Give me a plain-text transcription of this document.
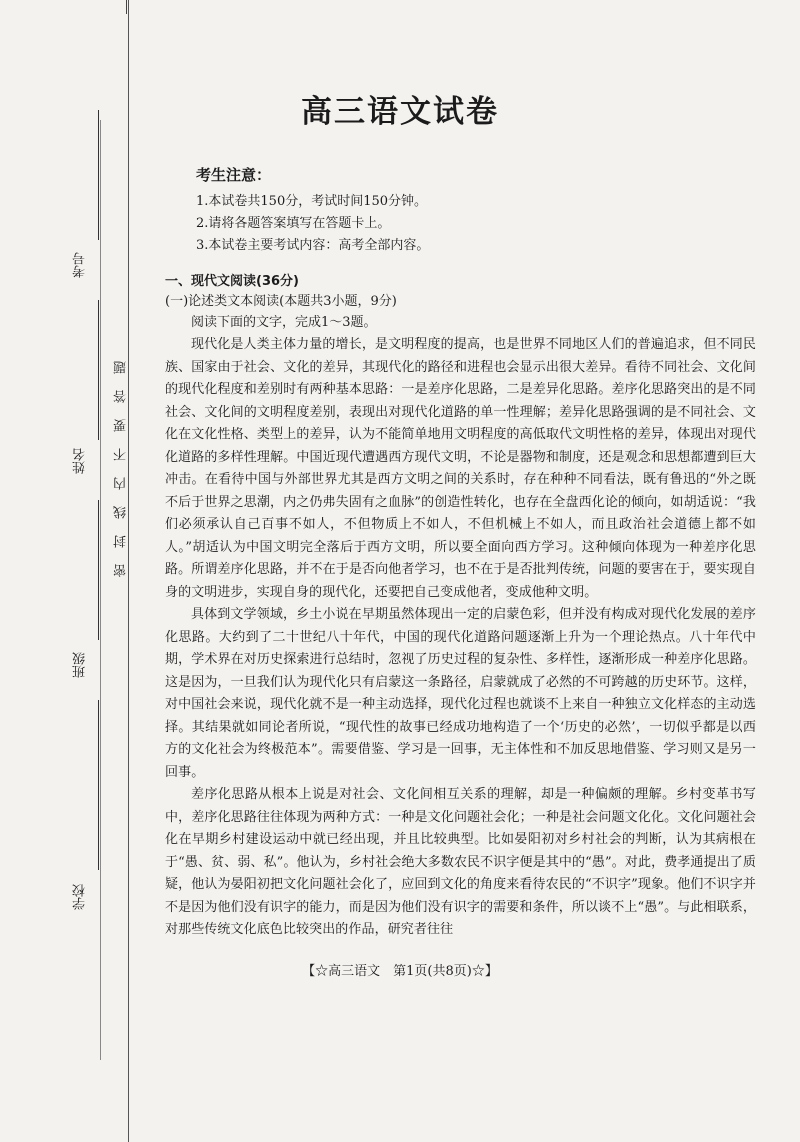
考号
姓名
班级
学校
密封线内不要答题
高三语文试卷
考生注意：
1.本试卷共150分，考试时间150分钟。
2.请将各题答案填写在答题卡上。
3.本试卷主要考试内容：高考全部内容。
一、现代文阅读(36分)
(一)论述类文本阅读(本题共3小题，9分)
阅读下面的文字，完成1～3题。

现代化是人类主体力量的增长，是文明程度的提高，也是世界不同地区人们的普遍追求，但不同民族、国家由于社会、文化的差异，其现代化的路径和进程也会显示出很大差异。看待不同社会、文化间的现代化程度和差别时有两种基本思路：一是差序化思路，二是差异化思路。差序化思路突出的是不同社会、文化间的文明程度差别，表现出对现代化道路的单一性理解；差异化思路强调的是不同社会、文化在文化性格、类型上的差异，认为不能简单地用文明程度的高低取代文明性格的差异，体现出对现代化道路的多样性理解。中国近现代遭遇西方现代文明，不论是器物和制度，还是观念和思想都遭到巨大冲击。在看待中国与外部世界尤其是西方文明之间的关系时，存在种种不同看法，既有鲁迅的“外之既不后于世界之思潮，内之仍弗失固有之血脉”的创造性转化，也存在全盘西化论的倾向，如胡适说：“我们必须承认自己百事不如人，不但物质上不如人，不但机械上不如人，而且政治社会道德上都不如人。”胡适认为中国文明完全落后于西方文明，所以要全面向西方学习。这种倾向体现为一种差序化思路。所谓差序化思路，并不在于是否向他者学习，也不在于是否批判传统，问题的要害在于，要实现自身的文明进步，实现自身的现代化，还要把自己变成他者，变成他种文明。

具体到文学领域，乡土小说在早期虽然体现出一定的启蒙色彩，但并没有构成对现代化发展的差序化思路。大约到了二十世纪八十年代，中国的现代化道路问题逐渐上升为一个理论热点。八十年代中期，学术界在对历史探索进行总结时，忽视了历史过程的复杂性、多样性，逐渐形成一种差序化思路。这是因为，一旦我们认为现代化只有启蒙这一条路径，启蒙就成了必然的不可跨越的历史环节。这样，对中国社会来说，现代化就不是一种主动选择，现代化过程也就谈不上来自一种独立文化样态的主动选择。其结果就如同论者所说，“现代性的故事已经成功地构造了一个‘历史的必然’，一切似乎都是以西方的文化社会为终极范本”。需要借鉴、学习是一回事，无主体性和不加反思地借鉴、学习则又是另一回事。

差序化思路从根本上说是对社会、文化间相互关系的理解，却是一种偏颇的理解。乡村变革书写中，差序化思路往往体现为两种方式：一种是文化问题社会化；一种是社会问题文化化。文化问题社会化在早期乡村建设运动中就已经出现，并且比较典型。比如晏阳初对乡村社会的判断，认为其病根在于“愚、贫、弱、私”。他认为，乡村社会绝大多数农民不识字便是其中的“愚”。对此，费孝通提出了质疑，他认为晏阳初把文化问题社会化了，应回到文化的角度来看待农民的“不识字”现象。他们不识字并不是因为他们没有识字的能力，而是因为他们没有识字的需要和条件，所以谈不上“愚”。与此相联系，对那些传统文化底色比较突出的作品，研究者往往

【☆高三语文　第1页(共8页)☆】
